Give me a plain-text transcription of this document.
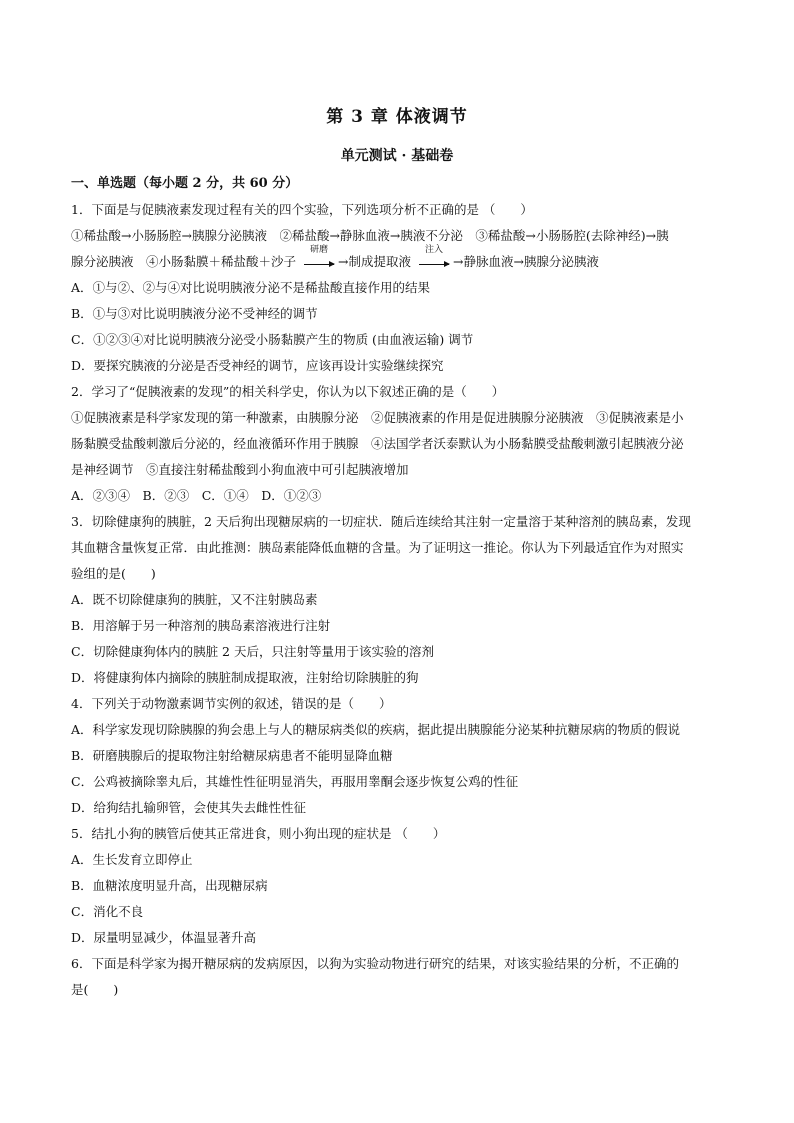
第 3 章 体液调节
单元测试 · 基础卷
一、单选题（每小题 2 分，共 60 分）
1．下面是与促胰液素发现过程有关的四个实验，下列选项分析不正确的是 （　　）
①稀盐酸→小肠肠腔→胰腺分泌胰液　②稀盐酸→静脉血液→胰液不分泌　③稀盐酸→小肠肠腔(去除神经)→胰
腺分泌胰液　④小肠黏膜＋稀盐酸＋沙子
研磨
→制成提取液
注入
→静脉血液→胰腺分泌胰液
A．①与②、②与④对比说明胰液分泌不是稀盐酸直接作用的结果
B．①与③对比说明胰液分泌不受神经的调节
C．①②③④对比说明胰液分泌受小肠黏膜产生的物质 (由血液运输) 调节
D．要探究胰液的分泌是否受神经的调节，应该再设计实验继续探究
2．学习了“促胰液素的发现”的相关科学史，你认为以下叙述正确的是（　　）
①促胰液素是科学家发现的第一种激素，由胰腺分泌　②促胰液素的作用是促进胰腺分泌胰液　③促胰液素是小
肠黏膜受盐酸刺激后分泌的，经血液循环作用于胰腺　④法国学者沃泰默认为小肠黏膜受盐酸刺激引起胰液分泌
是神经调节　⑤直接注射稀盐酸到小狗血液中可引起胰液增加
A．②③④　B．②③　C．①④　D．①②③
3．切除健康狗的胰脏，2 天后狗出现糖尿病的一切症状．随后连续给其注射一定量溶于某种溶剂的胰岛素，发现
其血糖含量恢复正常．由此推测：胰岛素能降低血糖的含量。为了证明这一推论。你认为下列最适宜作为对照实
验组的是(　　)
A．既不切除健康狗的胰脏，又不注射胰岛素
B．用溶解于另一种溶剂的胰岛素溶液进行注射
C．切除健康狗体内的胰脏 2 天后，只注射等量用于该实验的溶剂
D．将健康狗体内摘除的胰脏制成提取液，注射给切除胰脏的狗
4．下列关于动物激素调节实例的叙述，错误的是（　　）
A．科学家发现切除胰腺的狗会患上与人的糖尿病类似的疾病，据此提出胰腺能分泌某种抗糖尿病的物质的假说
B．研磨胰腺后的提取物注射给糖尿病患者不能明显降血糖
C．公鸡被摘除睾丸后，其雄性性征明显消失，再服用睾酮会逐步恢复公鸡的性征
D．给狗结扎输卵管，会使其失去雌性性征
5．结扎小狗的胰管后使其正常进食，则小狗出现的症状是 （　　）
A．生长发育立即停止
B．血糖浓度明显升高，出现糖尿病
C．消化不良
D．尿量明显减少，体温显著升高
6．下面是科学家为揭开糖尿病的发病原因，以狗为实验动物进行研究的结果，对该实验结果的分析，不正确的
是(　　)
